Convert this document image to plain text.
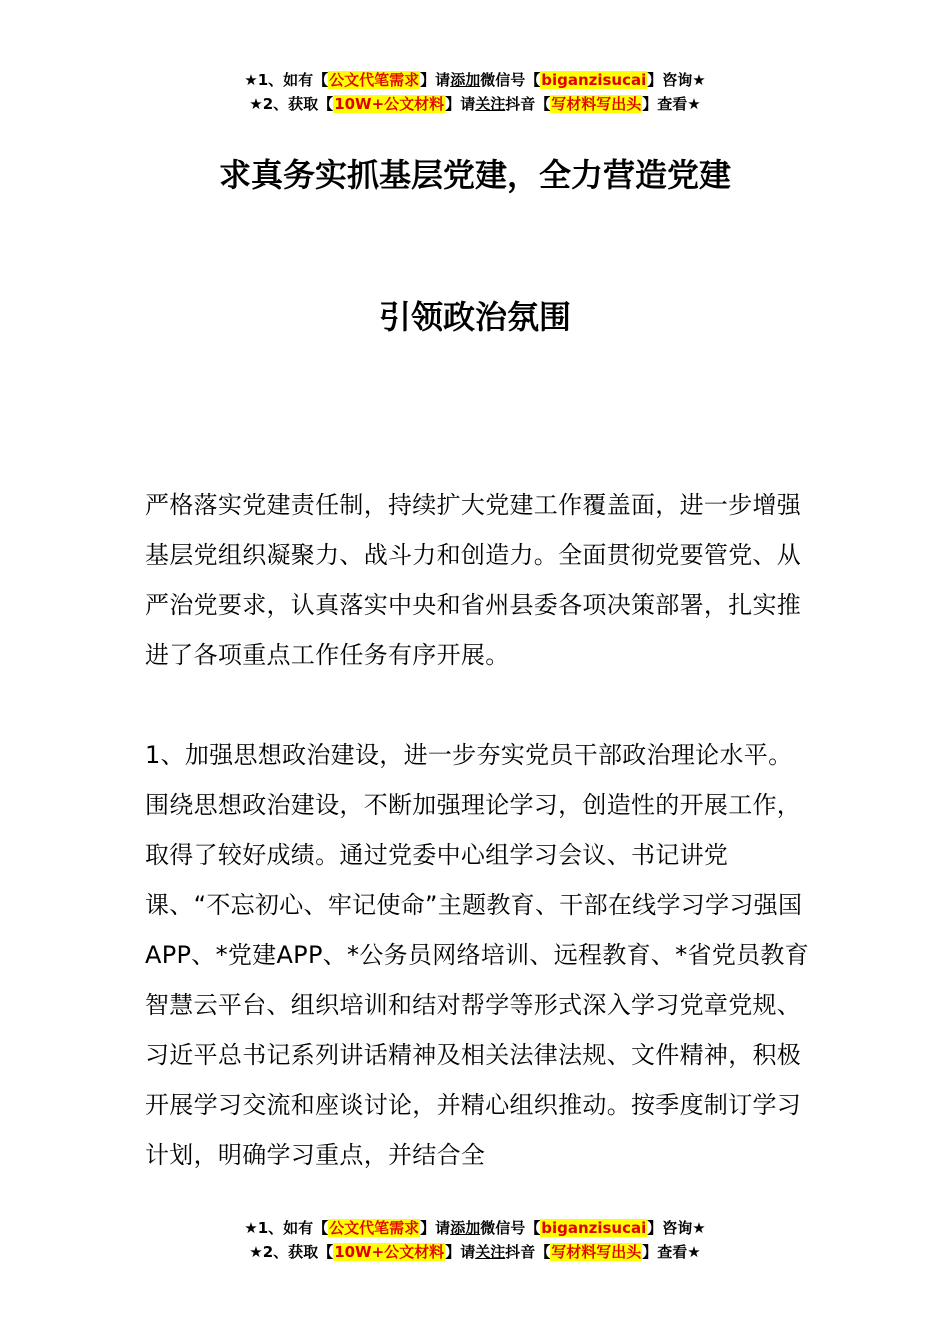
★1、如有【公文代笔需求】请添加微信号【biganzisucai】咨询★
★2、获取【10W+公文材料】请关注抖音【写材料写出头】查看★
求真务实抓基层党建，全力营造党建
引领政治氛围

严格落实党建责任制，持续扩大党建工作覆盖面，进一步增强基层党组织凝聚力、战斗力和创造力。全面贯彻党要管党、从严治党要求，认真落实中央和省州县委各项决策部署，扎实推进了各项重点工作任务有序开展。

1、加强思想政治建设，进一步夯实党员干部政治理论水平。围绕思想政治建设，不断加强理论学习，创造性的开展工作，取得了较好成绩。通过党委中心组学习会议、书记讲党课、“不忘初心、牢记使命”主题教育、干部在线学习学习强国APP、*党建APP、*公务员网络培训、远程教育、*省党员教育智慧云平台、组织培训和结对帮学等形式深入学习党章党规、习近平总书记系列讲话精神及相关法律法规、文件精神，积极开展学习交流和座谈讨论，并精心组织推动。按季度制订学习计划，明确学习重点，并结合全

★1、如有【公文代笔需求】请添加微信号【biganzisucai】咨询★
★2、获取【10W+公文材料】请关注抖音【写材料写出头】查看★
